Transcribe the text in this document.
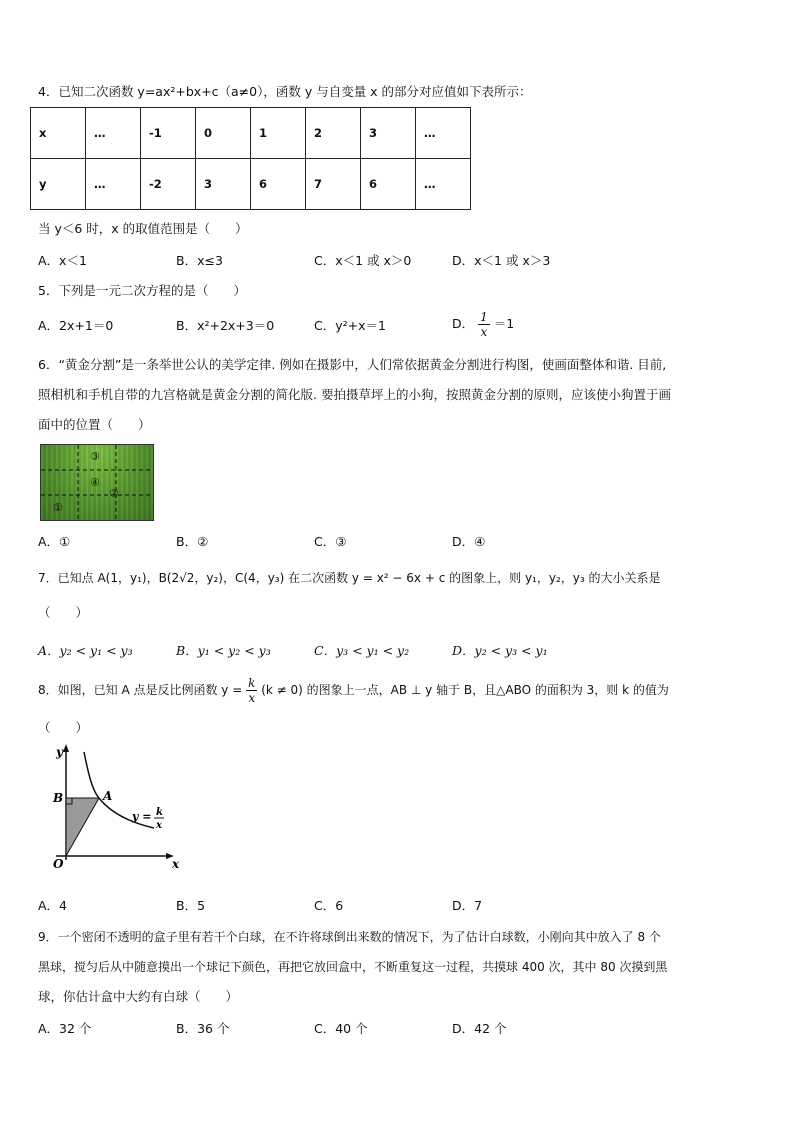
4．已知二次函数 y=ax²+bx+c（a≠0），函数 y 与自变量 x 的部分对应值如下表所示：
x	…	-1	0	1	2	3	…
y	…	-2	3	6	7	6	…
当 y＜6 时，x 的取值范围是（　　）
A．x＜1	B．x≤3	C．x＜1 或 x＞0	D．x＜1 或 x＞3
5．下列是一元二次方程的是（　　）
A．2x+1＝0	B．x²+2x+3＝0	C．y²+x＝1	D． $\frac{1}{x} =1$
6．“黄金分割”是一条举世公认的美学定律. 例如在摄影中，人们常依据黄金分割进行构图，使画面整体和谐. 目前,
照相机和手机自带的九宫格就是黄金分割的简化版. 要拍摄草坪上的小狗，按照黄金分割的原则，应该使小狗置于画
面中的位置（　　）
③
④
②
①
A．①	B．②	C．③	D．④
7．已知点 A(1，y₁)，B(2√2，y₂)，C(4，y₃) 在二次函数 y = x² − 6x + c 的图象上，则 y₁，y₂，y₃ 的大小关系是
（　　）
A．y₂ < y₁ < y₃	B．y₁ < y₂ < y₃	C．y₃ < y₁ < y₂	D．y₂ < y₃ < y₁
8．如图，已知 A 点是反比例函数 $y = \frac{k}{x} (k \ne 0)$ 的图象上一点，AB ⊥ y 轴于 B，且△ABO 的面积为 3，则 k 的值为
（　　）
y
x
O
B	A
y = k
x
A．4	B．5	C．6	D．7
9．一个密闭不透明的盒子里有若干个白球，在不许将球倒出来数的情况下，为了估计白球数，小刚向其中放入了 8 个
黑球，搅匀后从中随意摸出一个球记下颜色，再把它放回盒中，不断重复这一过程，共摸球 400 次，其中 80 次摸到黑
球，你估计盒中大约有白球（　　）
A．32 个	B．36 个	C．40 个	D．42 个
